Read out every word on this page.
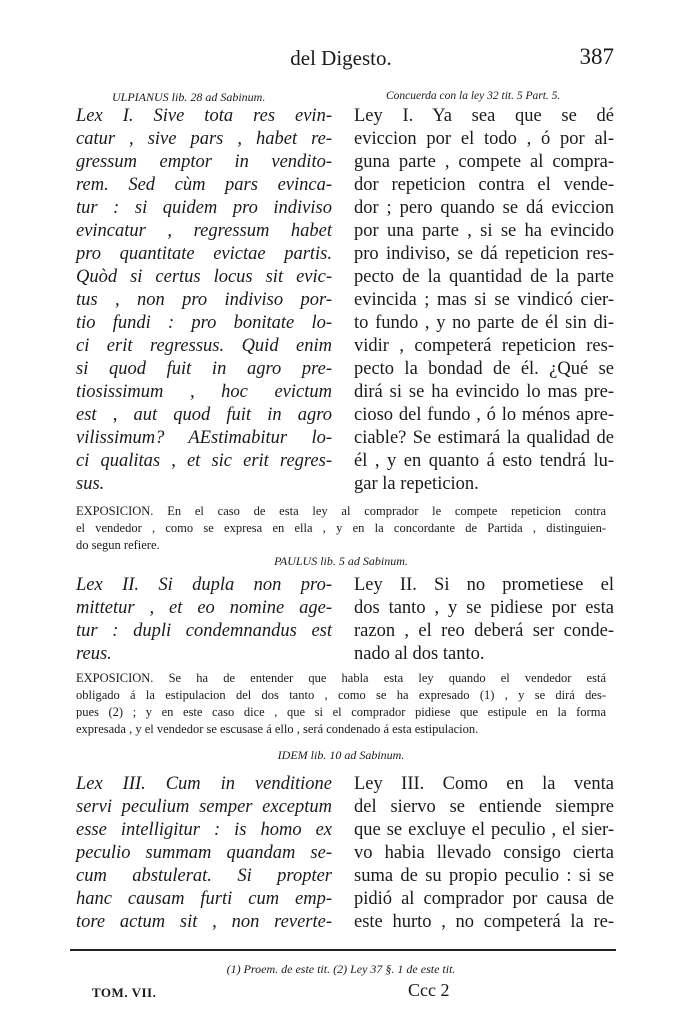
del Digesto.	387
ULPIANUS lib. 28 ad Sabinum.	Concuerda con la ley 32 tit. 5 Part. 5.
Lex I. Sive tota res evin-
catur , sive pars , habet re-
gressum emptor in vendito-
rem. Sed cùm pars evinca-
tur : si quidem pro indiviso
evincatur , regressum habet
pro quantitate evictae partis.
Quòd si certus locus sit evic-
tus , non pro indiviso por-
tio fundi : pro bonitate lo-
ci erit regressus. Quid enim
si quod fuit in agro pre-
tiosissimum , hoc evictum
est , aut quod fuit in agro
vilissimum? AEstimabitur lo-
ci qualitas , et sic erit regres-
sus.
Ley I. Ya sea que se dé
eviccion por el todo , ó por al-
guna parte , compete al compra-
dor repeticion contra el vende-
dor ; pero quando se dá eviccion
por una parte , si se ha evincido
pro indiviso, se dá repeticion res-
pecto de la quantidad de la parte
evincida ; mas si se vindicó cier-
to fundo , y no parte de él sin di-
vidir , competerá repeticion res-
pecto la bondad de él. ¿Qué se
dirá si se ha evincido lo mas pre-
cioso del fundo , ó lo ménos apre-
ciable? Se estimará la qualidad de
él , y en quanto á esto tendrá lu-
gar la repeticion.
EXPOSICION. En el caso de esta ley al comprador le compete repeticion contra
el vendedor , como se expresa en ella , y en la concordante de Partida , distinguien-
do segun refiere.
PAULUS lib. 5 ad Sabinum.
Lex II. Si dupla non pro-
mittetur , et eo nomine age-
tur : dupli condemnandus est
reus.
Ley II. Si no prometiese el
dos tanto , y se pidiese por esta
razon , el reo deberá ser conde-
nado al dos tanto.
EXPOSICION. Se ha de entender que habla esta ley quando el vendedor está
obligado á la estipulacion del dos tanto , como se ha expresado (1) , y se dirá des-
pues (2) ; y en este caso dice , que si el comprador pidiese que estipule en la forma
expresada , y el vendedor se escusase á ello , será condenado á esta estipulacion.
IDEM lib. 10 ad Sabinum.
Lex III. Cum in venditione
servi peculium semper exceptum
esse intelligitur : is homo ex
peculio summam quandam se-
cum abstulerat. Si propter
hanc causam furti cum emp-
tore actum sit , non reverte-
Ley III. Como en la venta
del siervo se entiende siempre
que se excluye el peculio , el sier-
vo habia llevado consigo cierta
suma de su propio peculio : si se
pidió al comprador por causa de
este hurto , no competerá la re-
(1) Proem. de este tit. (2) Ley 37 §. 1 de este tit.
TOM. VII.	Ccc 2
